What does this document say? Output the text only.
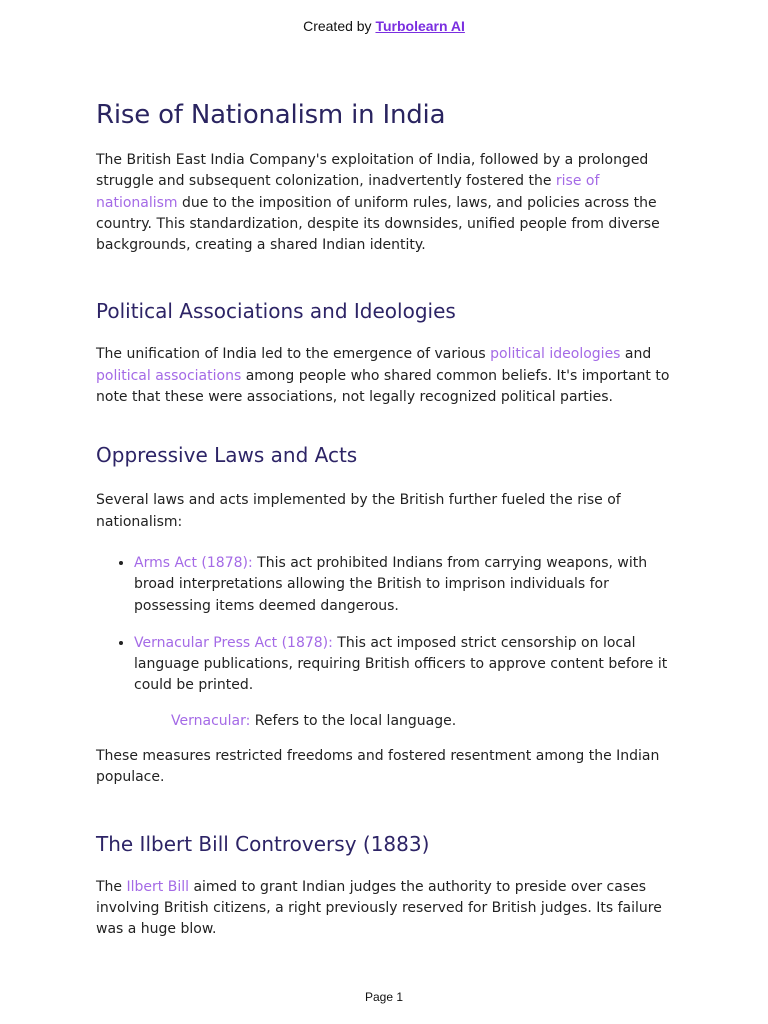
Created by Turbolearn AI
Rise of Nationalism in India

The British East India Company's exploitation of India, followed by a prolonged struggle and subsequent colonization, inadvertently fostered the rise of nationalism due to the imposition of uniform rules, laws, and policies across the country. This standardization, despite its downsides, unified people from diverse backgrounds, creating a shared Indian identity.

Political Associations and Ideologies

The unification of India led to the emergence of various political ideologies and political associations among people who shared common beliefs. It's important to note that these were associations, not legally recognized political parties.

Oppressive Laws and Acts

Several laws and acts implemented by the British further fueled the rise of nationalism:

• Arms Act (1878): This act prohibited Indians from carrying weapons, with broad interpretations allowing the British to imprison individuals for possessing items deemed dangerous.
• Vernacular Press Act (1878): This act imposed strict censorship on local language publications, requiring British officers to approve content before it could be printed.

Vernacular: Refers to the local language.

These measures restricted freedoms and fostered resentment among the Indian populace.

The Ilbert Bill Controversy (1883)

The Ilbert Bill aimed to grant Indian judges the authority to preside over cases involving British citizens, a right previously reserved for British judges. Its failure was a huge blow.

Page 1
